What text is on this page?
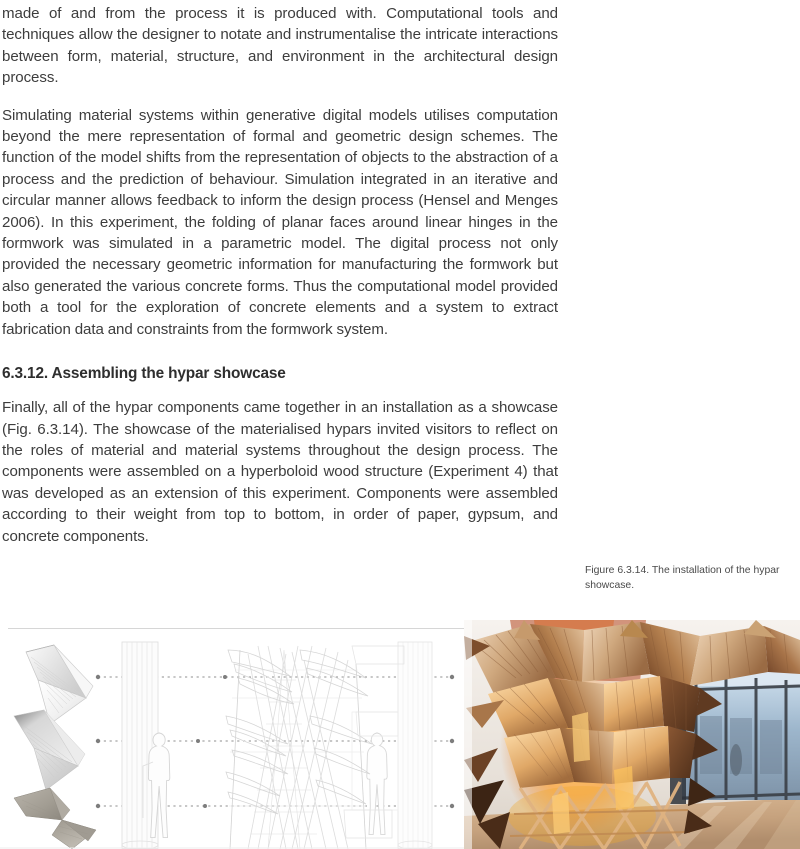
made of and from the process it is produced with. Computational tools and techniques allow the designer to notate and instrumentalise the intricate interactions between form, material, structure, and environment in the architectural design process.

Simulating material systems within generative digital models utilises computation beyond the mere representation of formal and geometric design schemes. The function of the model shifts from the representation of objects to the abstraction of a process and the prediction of behaviour. Simulation integrated in an iterative and circular manner allows feedback to inform the design process (Hensel and Menges 2006). In this experiment, the folding of planar faces around linear hinges in the formwork was simulated in a parametric model. The digital process not only provided the necessary geometric information for manufacturing the formwork but also generated the various concrete forms. Thus the computational model provided both a tool for the exploration of concrete elements and a system to extract fabrication data and constraints from the formwork system.

6.3.12. Assembling the hypar showcase

Finally, all of the hypar components came together in an installation as a showcase (Fig. 6.3.14). The showcase of the materialised hypars invited visitors to reflect on the roles of material and material systems throughout the design process. The components were assembled on a hyperboloid wood structure (Experiment 4) that was developed as an extension of this experiment. Components were assembled according to their weight from top to bottom, in order of paper, gypsum, and concrete components.

Figure 6.3.14. The installation of the hypar showcase.
